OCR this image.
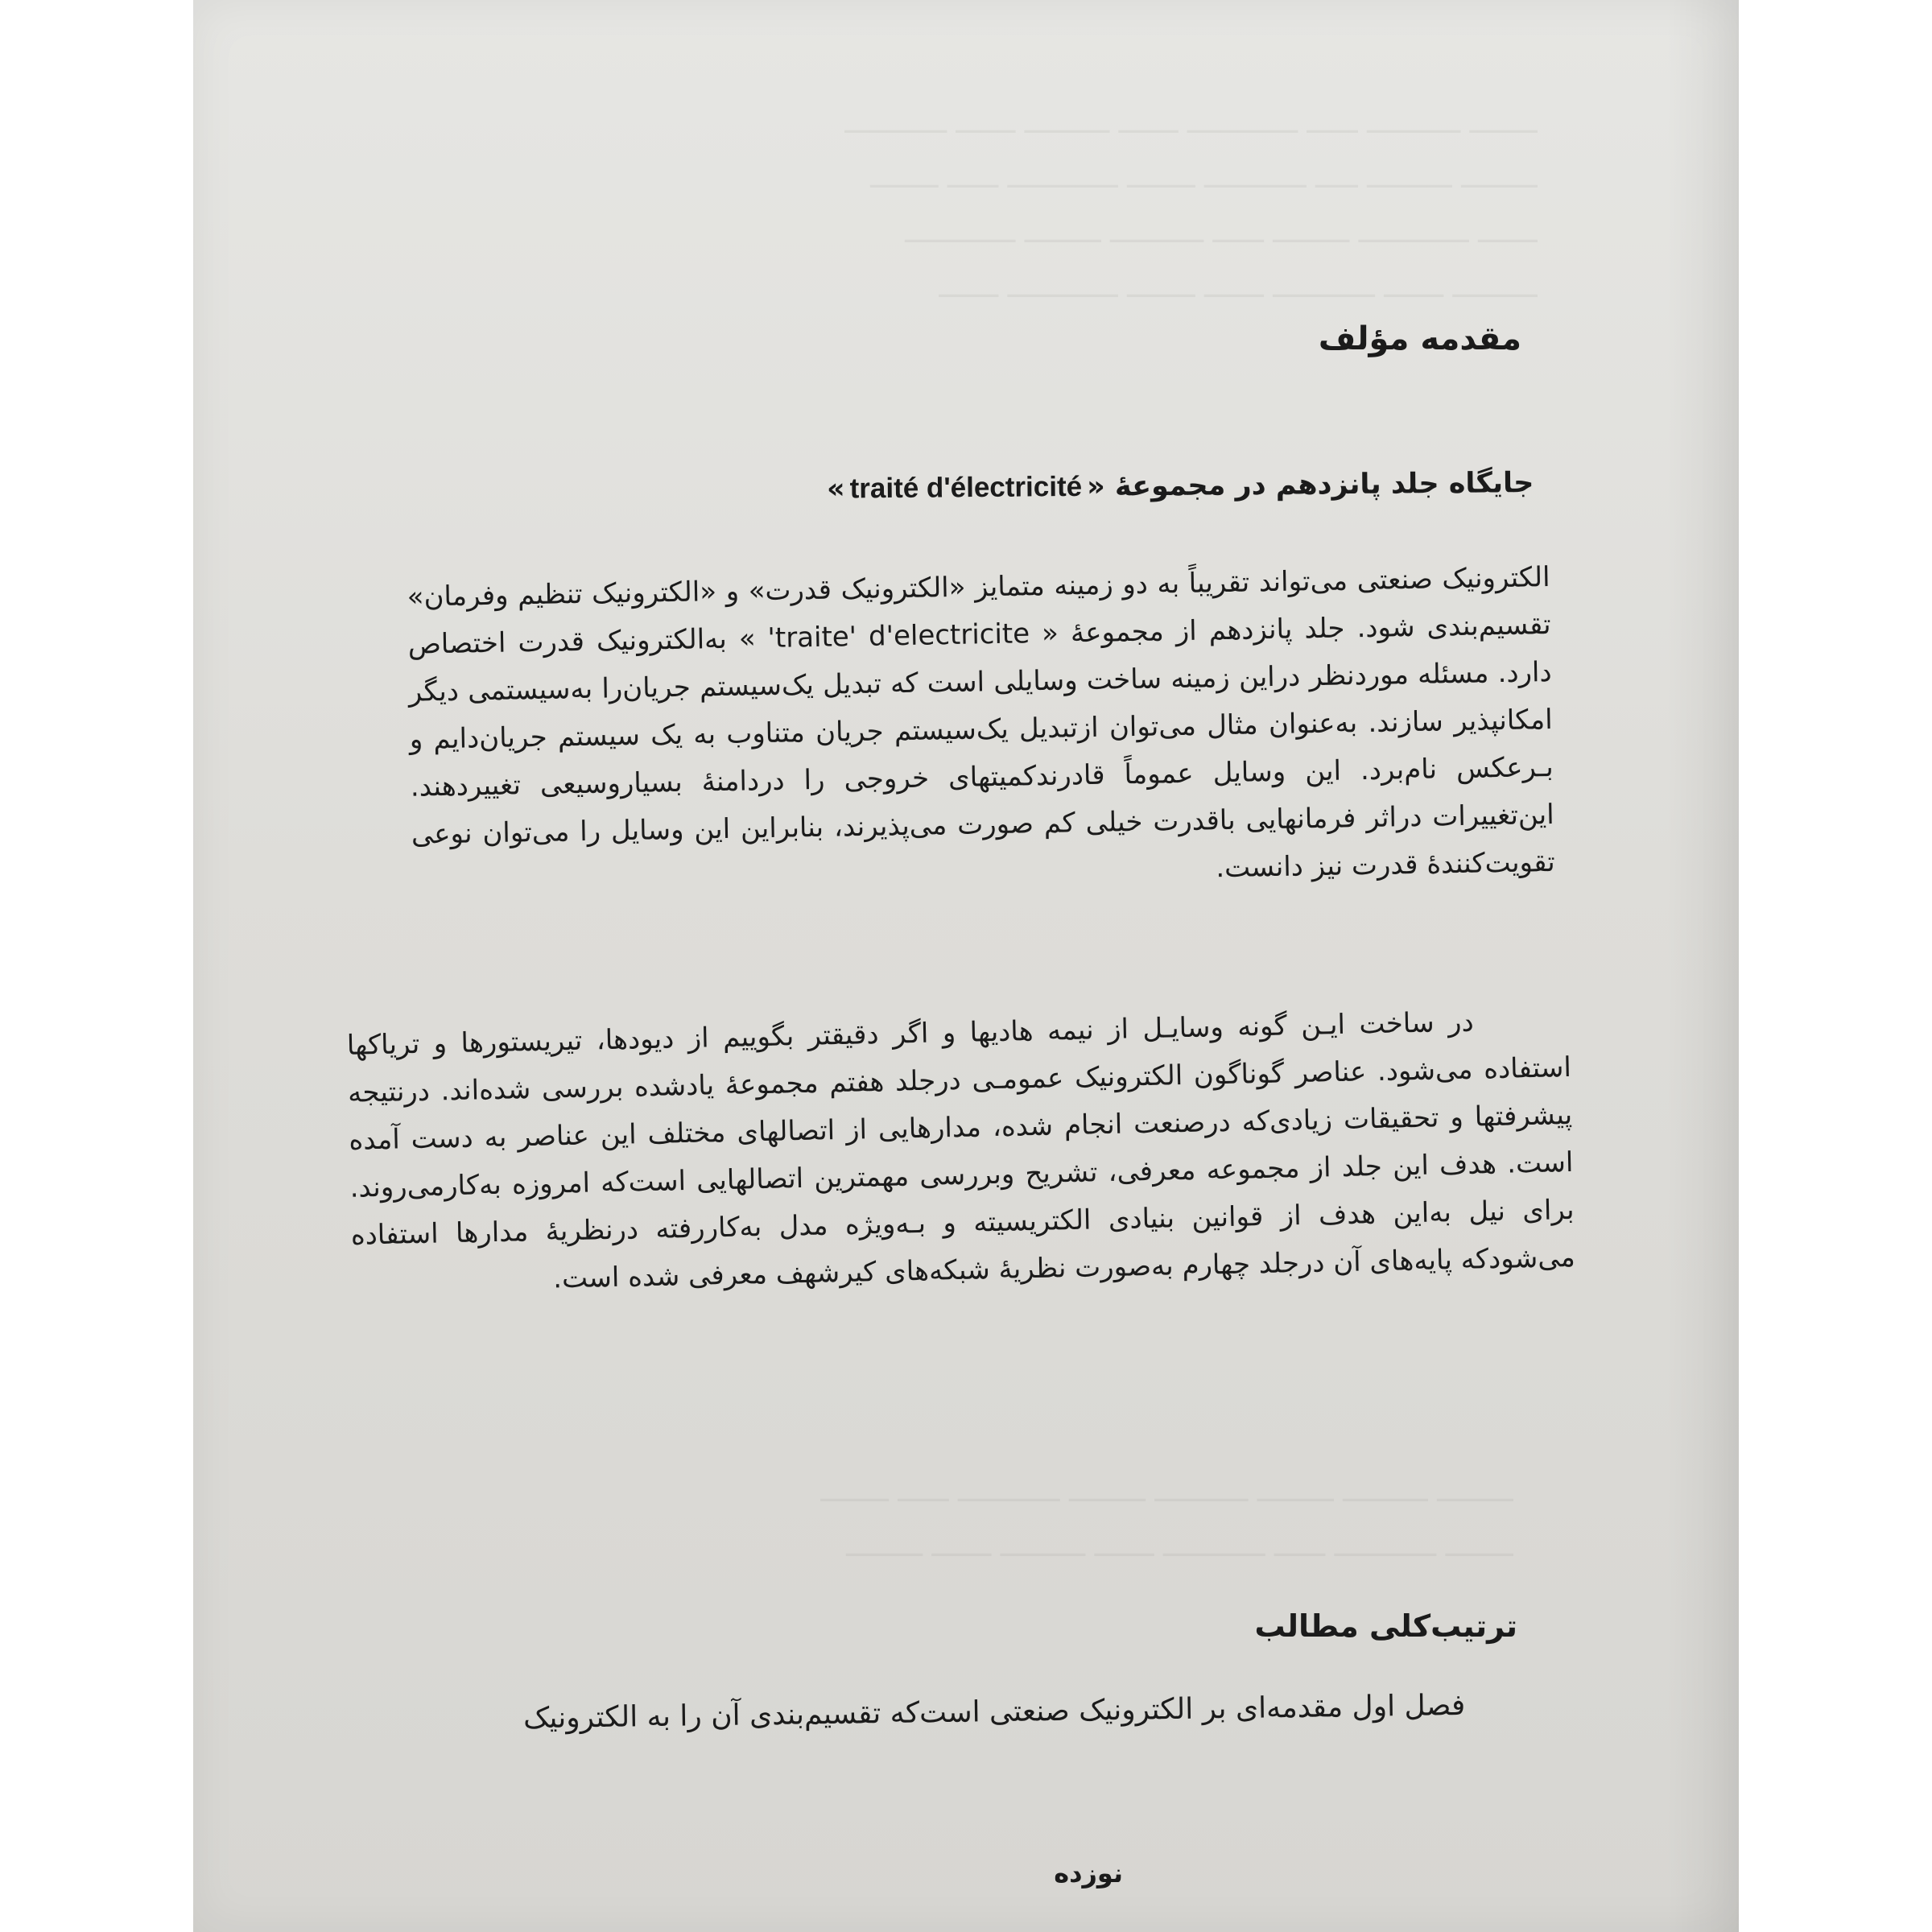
ــــــــ ـــــــــــ ــــــ ـــــــــــــ ـــــــ ــــــــــ ـــــــ ــــــــــــ
ـــــــــ ــــــــــ ـــــ ــــــــــــ ــــــــ ـــــــــــــ ــــــ ــــــــ
ـــــــ ـــــــــــــ ـــــــــ ــــــ ـــــــــــ ـــــــــ ـــــــــــــ
ــــــــــ ـــــــ ــــــــــــ ـــــــ ــــــــ ـــــــــــــ ـــــــ
ـــــــــ ــــــــــ ـــــــــ ـــــــــــ ـــــــــ ــــــــــــ ــــــ ــــــــ
ــــــــ ــــــــــــ ــــــ ــــــــــــ ـــــــ ــــــــــ ـــــــ ـــــــــ
مقدمه مؤلف
جایگاه جلد پانزدهم در مجموعهٔ «traité d'électricité»

الکترونیک صنعتی می‌تواند تقریباً به دو زمینه متمایز «الکترونیک قدرت» و «الکترونیک تنظیم وفرمان» تقسیم‌بندی شود. جلد پانزدهم از مجموعهٔ « traite' d'electricite' » به‌الکترونیک قدرت اختصاص دارد. مسئله موردنظر دراین زمینه ساخت وسایلی است که تبدیل یک‌سیستم جریان‌را به‌سیستمی دیگر امکانپذیر سازند. به‌عنوان مثال می‌توان ازتبدیل یک‌سیستم جریان متناوب به یک سیستم جریان‌دایم و بـرعکس نام‌برد. این وسایل عموماً قادرندکمیتهای خروجی را دردامنهٔ بسیاروسیعی تغییردهند. این‌تغییرات دراثر فرمانهایی باقدرت خیلی کم صورت می‌پذیرند، بنابراین این وسایل را می‌توان نوعی تقویت‌کنندهٔ قدرت نیز دانست.

در ساخت ایـن گونه وسایـل از نیمه هادیها و اگر دقیقتر بگوییم از دیودها، تیریستورها و تریاکها استفاده می‌شود. عناصر گوناگون الکترونیک عمومـی درجلد هفتم مجموعهٔ یادشده بررسی شده‌اند. درنتیجه پیشرفتها و تحقیقات زیادی‌که درصنعت انجام شده، مدارهایی از اتصالهای مختلف این عناصر به دست آمده است. هدف این جلد از مجموعه معرفی، تشریح وبررسی مهمترین اتصالهایی است‌که امروزه به‌کارمی‌روند. برای نیل به‌این هدف از قوانین بنیادی الکتریسیته و بـه‌ویژه مدل به‌کاررفته درنظریهٔ مدارها استفاده می‌شودکه پایه‌های آن درجلد چهارم به‌صورت نظریهٔ شبکه‌های کیرشهف معرفی شده است.

ترتیب‌کلی مطالب

فصل اول مقدمه‌ای بر الکترونیک صنعتی است‌که تقسیم‌بندی آن را به الکترونیک

نوزده
